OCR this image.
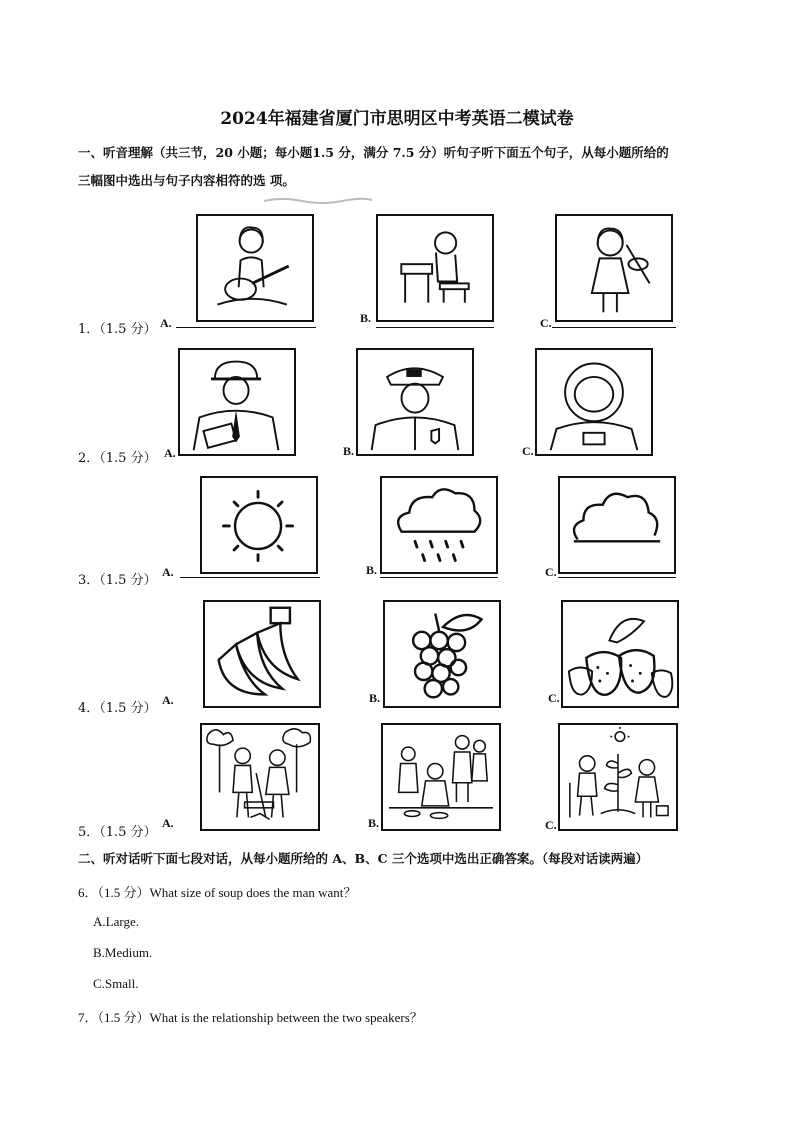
2024年福建省厦门市思明区中考英语二模试卷
一、听音理解（共三节，20 小题；每小题1.5 分，满分 7.5 分）听句子听下面五个句子，从每小题所给的
三幅图中选出与句子内容相符的选 项。
1．（1.5 分） A.	B.	C.
2．（1.5 分） A.	B.	C.
3．（1.5 分）
A.	B.	C.
4．（1.5 分）
A.	B.	C.
5．（1.5 分）
A.	B.	C.
二、听对话听下面七段对话，从每小题所给的 A、B、C 三个选项中选出正确答案。（每段对话读两遍）
6．（1.5 分）What size of soup does the man want？
A.Large.
B.Medium.
C.Small.
7．（1.5 分）What is the relationship between the two speakers？
